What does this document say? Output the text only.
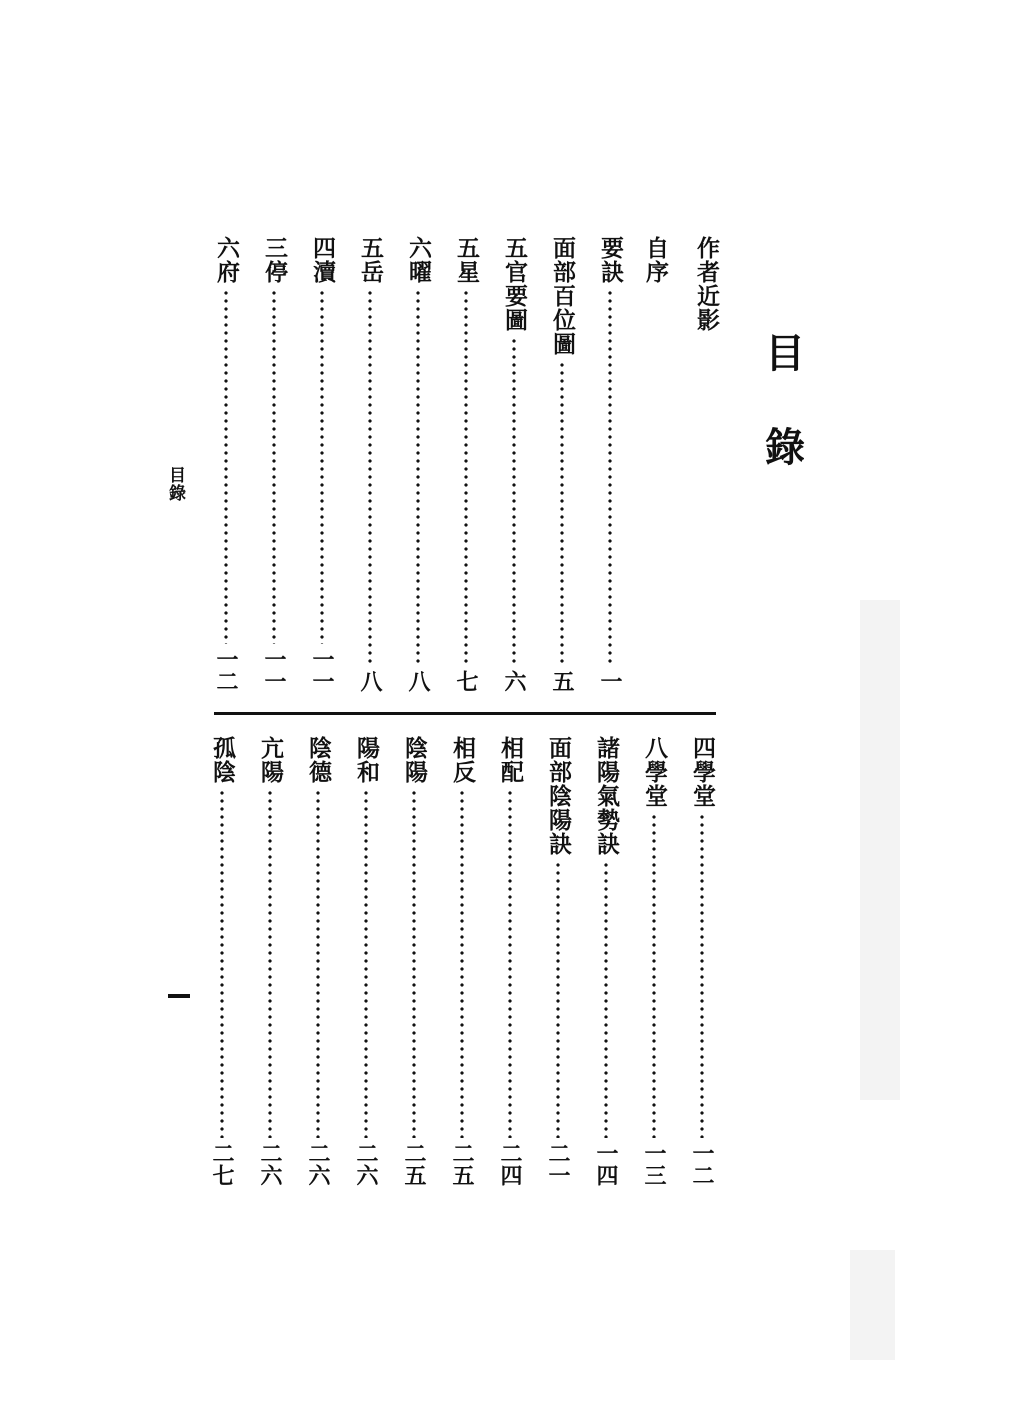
目
錄
目錄
作者近影
自序
要訣
一
面部百位圖
五
五官要圖
六
五星
七
六曜
八
五岳
八
四瀆
一一
三停
一一
六府
一二
四學堂
一二
八學堂
一三
諸陽氣勢訣
一四
面部陰陽訣
二一
相配
二四
相反
二五
陰陽
二五
陽和
二六
陰德
二六
亢陽
二六
孤陰
二七
